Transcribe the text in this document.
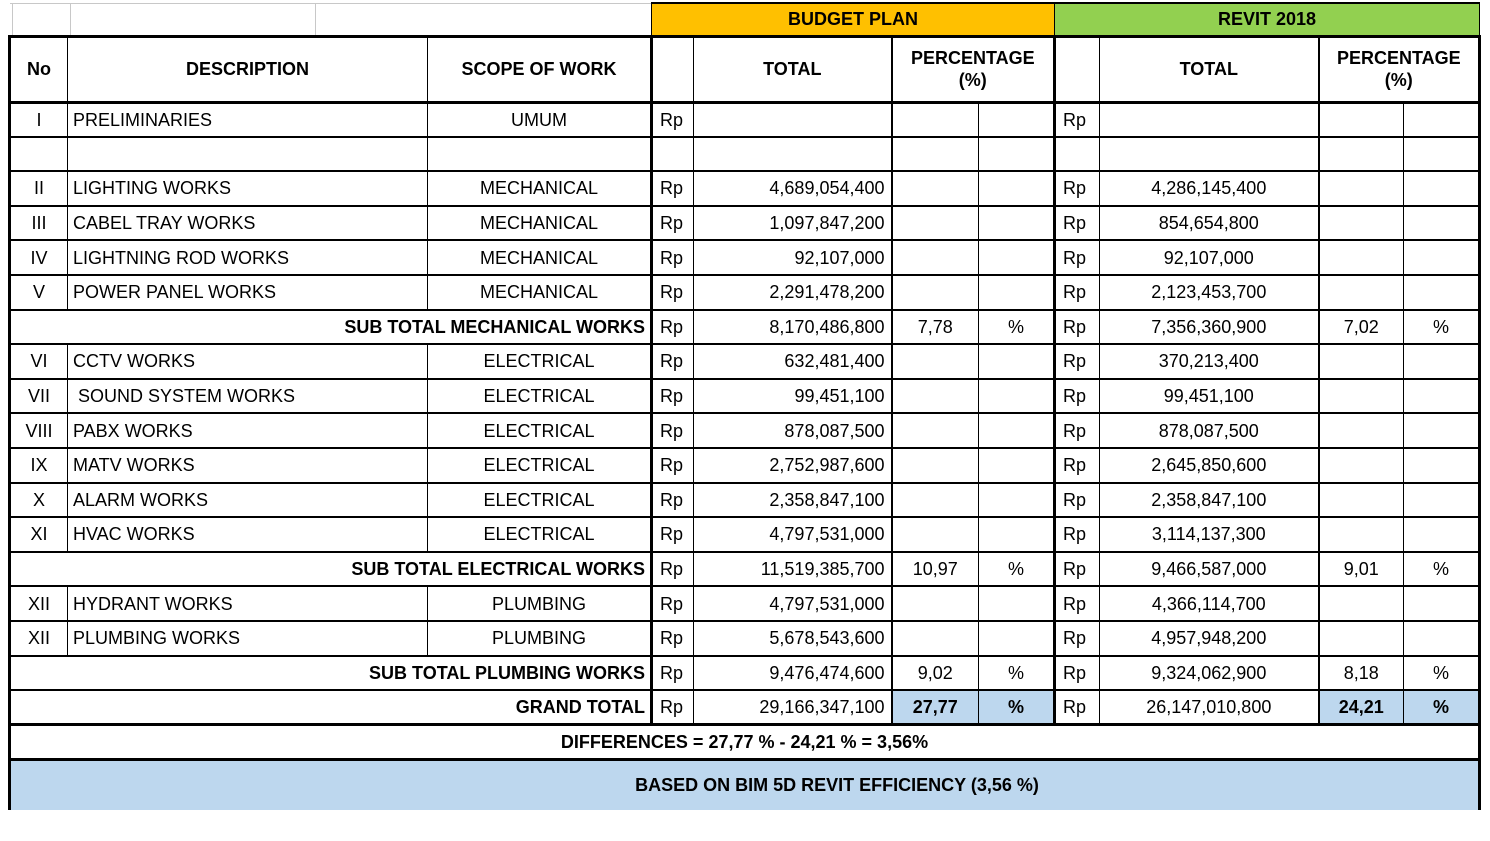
			BUDGET PLAN				REVIT 2018			
No	DESCRIPTION	SCOPE OF WORK		TOTAL	PERCENTAGE (%)			TOTAL	PERCENTAGE (%)	
I	PRELIMINARIES	UMUM	Rp				Rp			

II	LIGHTING WORKS	MECHANICAL	Rp	4,689,054,400			Rp	4,286,145,400		
III	CABEL TRAY WORKS	MECHANICAL	Rp	1,097,847,200			Rp	854,654,800		
IV	LIGHTNING ROD WORKS	MECHANICAL	Rp	92,107,000			Rp	92,107,000		
V	POWER PANEL WORKS	MECHANICAL	Rp	2,291,478,200			Rp	2,123,453,700		
SUB TOTAL MECHANICAL WORKS			Rp	8,170,486,800	7,78	%	Rp	7,356,360,900	7,02	%
VI	CCTV WORKS	ELECTRICAL	Rp	632,481,400			Rp	370,213,400		
VII	SOUND SYSTEM WORKS	ELECTRICAL	Rp	99,451,100			Rp	99,451,100		
VIII	PABX WORKS	ELECTRICAL	Rp	878,087,500			Rp	878,087,500		
IX	MATV WORKS	ELECTRICAL	Rp	2,752,987,600			Rp	2,645,850,600		
X	ALARM WORKS	ELECTRICAL	Rp	2,358,847,100			Rp	2,358,847,100		
XI	HVAC WORKS	ELECTRICAL	Rp	4,797,531,000			Rp	3,114,137,300		
SUB TOTAL ELECTRICAL WORKS			Rp	11,519,385,700	10,97	%	Rp	9,466,587,000	9,01	%
XII	HYDRANT WORKS	PLUMBING	Rp	4,797,531,000			Rp	4,366,114,700		
XII	PLUMBING WORKS	PLUMBING	Rp	5,678,543,600			Rp	4,957,948,200		
SUB TOTAL PLUMBING WORKS			Rp	9,476,474,600	9,02	%	Rp	9,324,062,900	8,18	%
GRAND TOTAL			Rp	29,166,347,100	27,77	%	Rp	26,147,010,800	24,21	%
DIFFERENCES = 27,77 % - 24,21 % = 3,56%										
BASED ON BIM 5D REVIT EFFICIENCY (3,56 %)										
